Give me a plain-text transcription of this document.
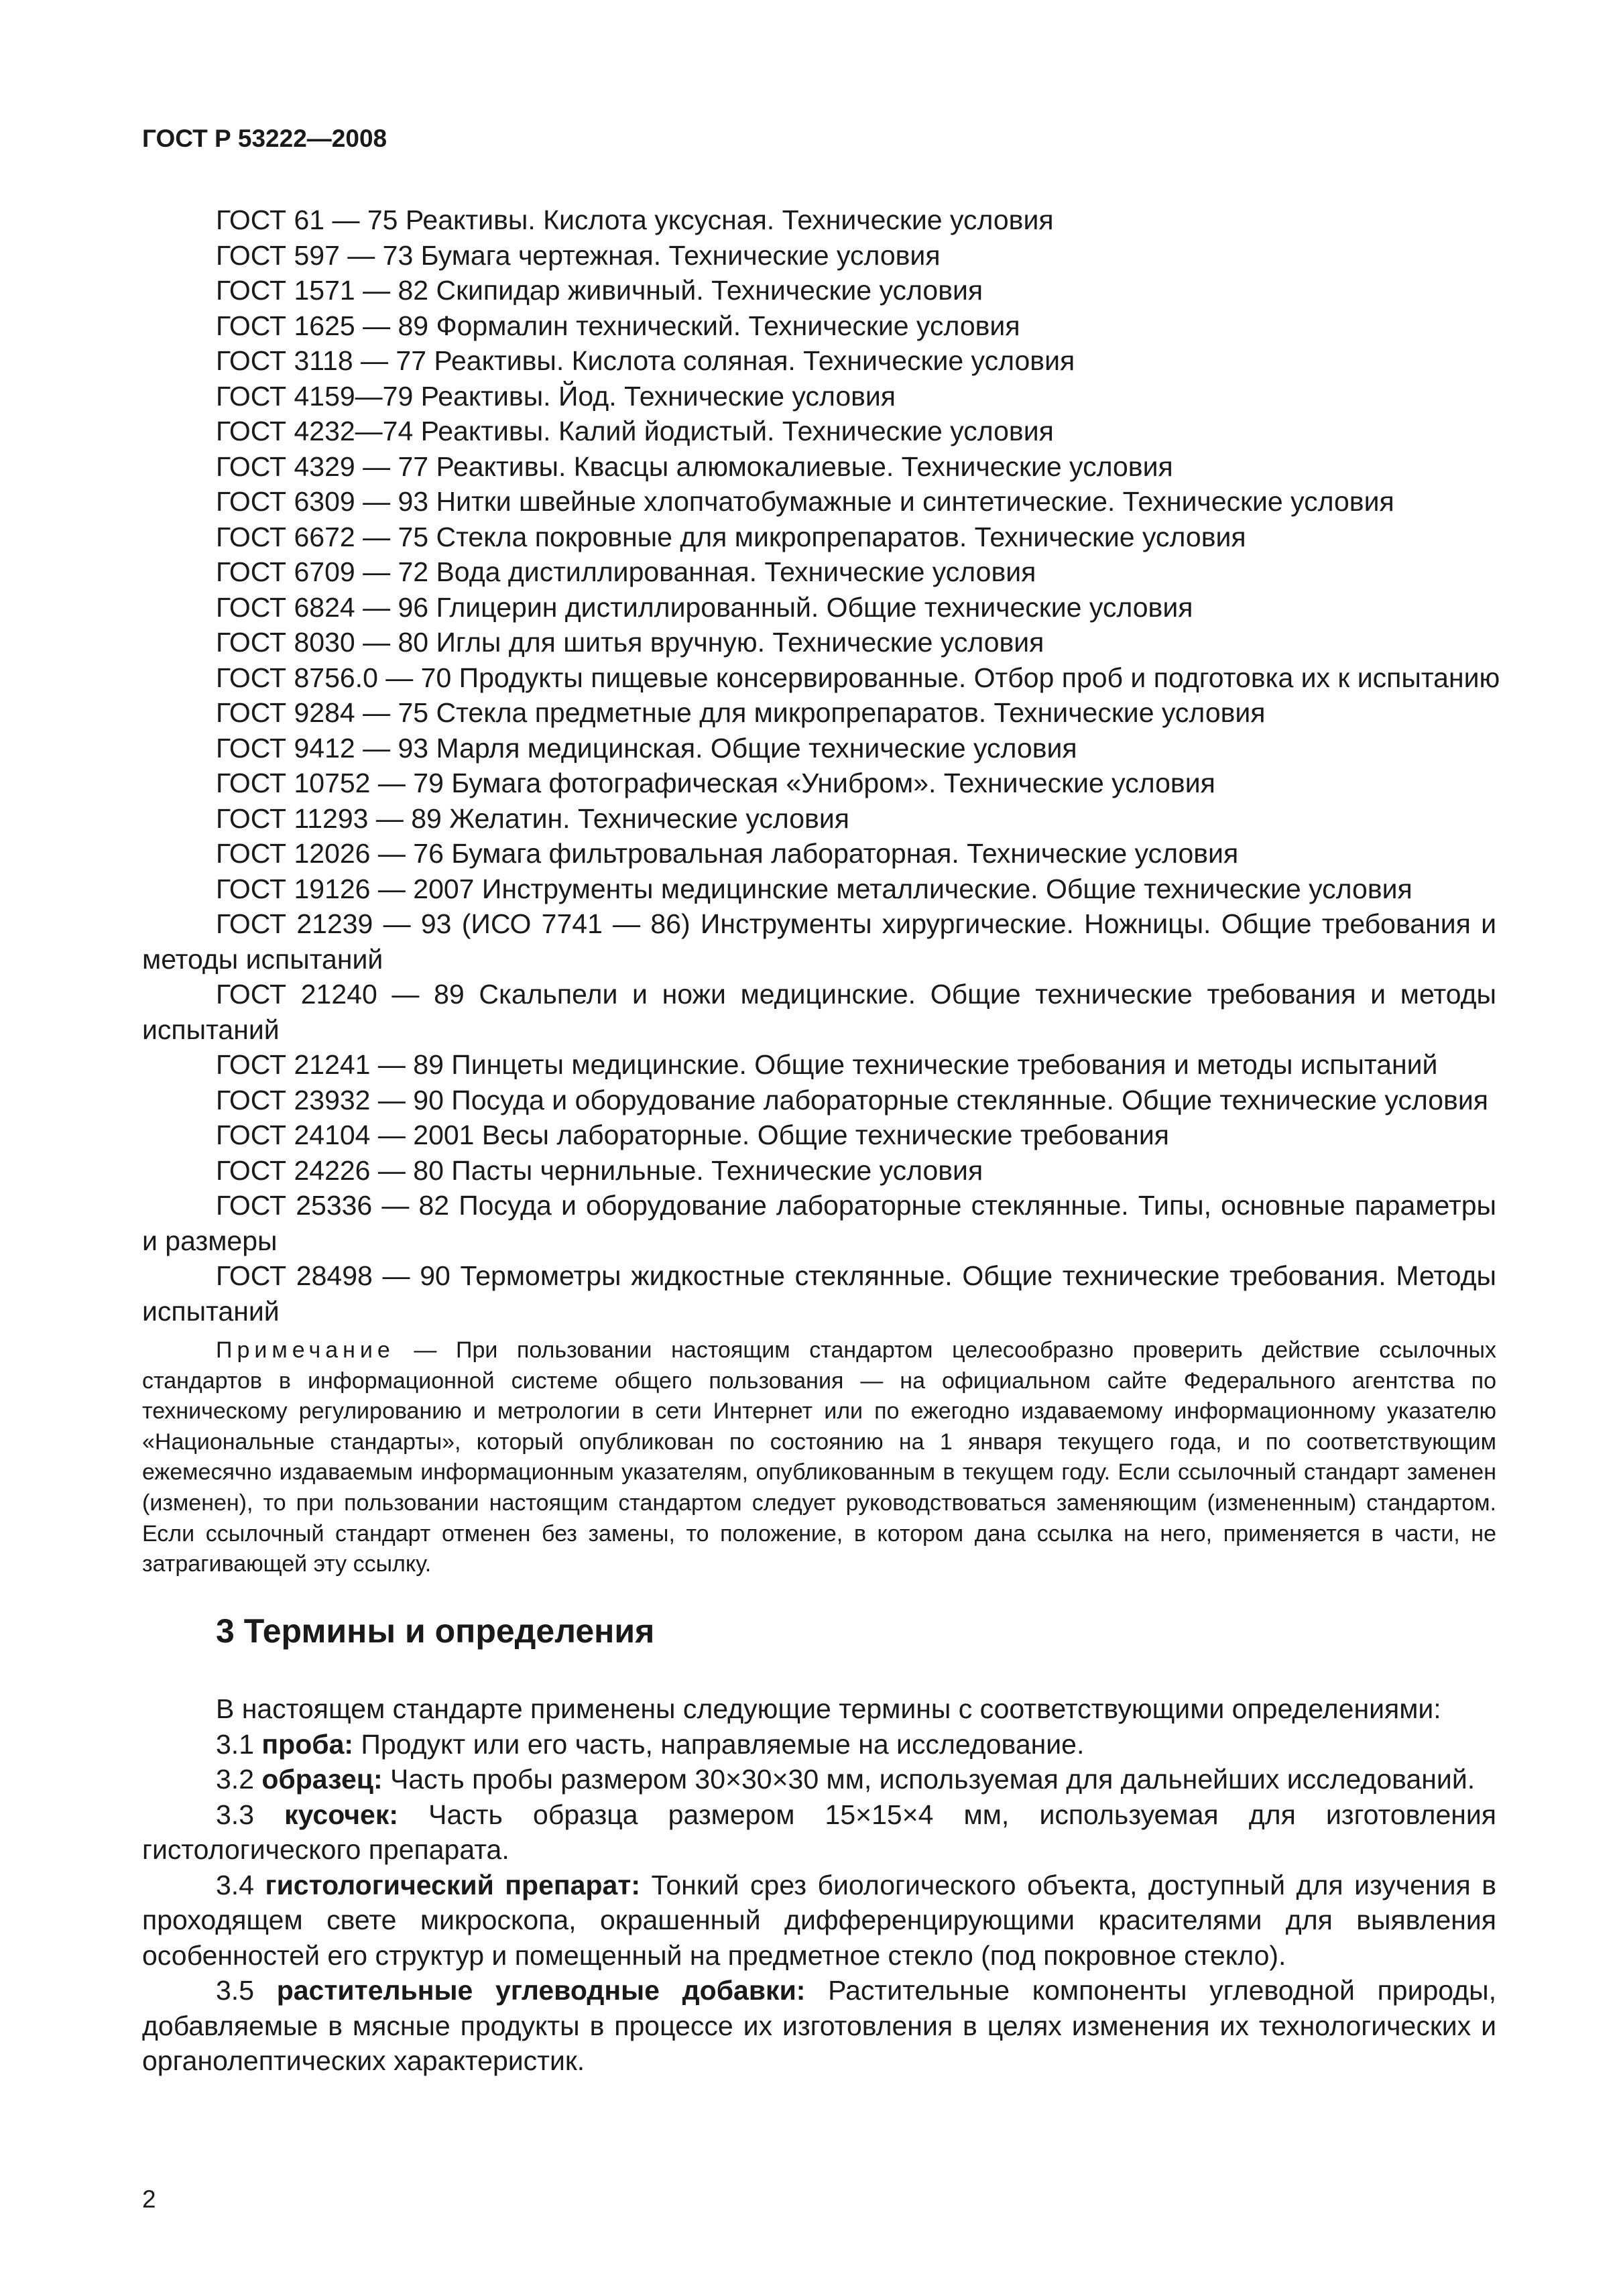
ГОСТ Р 53222—2008
ГОСТ 61 — 75 Реактивы. Кислота уксусная. Технические условия
ГОСТ 597 — 73 Бумага чертежная. Технические условия
ГОСТ 1571 — 82 Скипидар живичный. Технические условия
ГОСТ 1625 — 89 Формалин технический. Технические условия
ГОСТ 3118 — 77 Реактивы. Кислота соляная. Технические условия
ГОСТ 4159—79 Реактивы. Йод. Технические условия
ГОСТ 4232—74 Реактивы. Калий йодистый. Технические условия
ГОСТ 4329 — 77 Реактивы. Квасцы алюмокалиевые. Технические условия
ГОСТ 6309 — 93 Нитки швейные хлопчатобумажные и синтетические. Технические условия
ГОСТ 6672 — 75 Стекла покровные для микропрепаратов. Технические условия
ГОСТ 6709 — 72 Вода дистиллированная. Технические условия
ГОСТ 6824 — 96 Глицерин дистиллированный. Общие технические условия
ГОСТ 8030 — 80 Иглы для шитья вручную. Технические условия
ГОСТ 8756.0 — 70 Продукты пищевые консервированные. Отбор проб и подготовка их к испытанию
ГОСТ 9284 — 75 Стекла предметные для микропрепаратов. Технические условия
ГОСТ 9412 — 93 Марля медицинская. Общие технические условия
ГОСТ 10752 — 79 Бумага фотографическая «Унибром». Технические условия
ГОСТ 11293 — 89 Желатин. Технические условия
ГОСТ 12026 — 76 Бумага фильтровальная лабораторная. Технические условия
ГОСТ 19126 — 2007 Инструменты медицинские металлические. Общие технические условия
ГОСТ 21239 — 93 (ИСО 7741 — 86) Инструменты хирургические. Ножницы. Общие требования и методы испытаний
ГОСТ 21240 — 89 Скальпели и ножи медицинские. Общие технические требования и методы испытаний
ГОСТ 21241 — 89 Пинцеты медицинские. Общие технические требования и методы испытаний
ГОСТ 23932 — 90 Посуда и оборудование лабораторные стеклянные. Общие технические условия
ГОСТ 24104 — 2001 Весы лабораторные. Общие технические требования
ГОСТ 24226 — 80 Пасты чернильные. Технические условия
ГОСТ 25336 — 82 Посуда и оборудование лабораторные стеклянные. Типы, основные параметры и размеры
ГОСТ 28498 — 90 Термометры жидкостные стеклянные. Общие технические требования. Методы испытаний
Примечание — При пользовании настоящим стандартом целесообразно проверить действие ссылочных стандартов в информационной системе общего пользования — на официальном сайте Федерального агентства по техническому регулированию и метрологии в сети Интернет или по ежегодно издаваемому информационному указателю «Национальные стандарты», который опубликован по состоянию на 1 января текущего года, и по соответствующим ежемесячно издаваемым информационным указателям, опубликованным в текущем году. Если ссылочный стандарт заменен (изменен), то при пользовании настоящим стандартом следует руководствоваться заменяющим (измененным) стандартом. Если ссылочный стандарт отменен без замены, то положение, в котором дана ссылка на него, применяется в части, не затрагивающей эту ссылку.
3 Термины и определения
В настоящем стандарте применены следующие термины с соответствующими определениями:
3.1 проба: Продукт или его часть, направляемые на исследование.
3.2 образец: Часть пробы размером 30×30×30 мм, используемая для дальнейших исследований.
3.3 кусочек: Часть образца размером 15×15×4 мм, используемая для изготовления гистологического препарата.
3.4 гистологический препарат: Тонкий срез биологического объекта, доступный для изучения в проходящем свете микроскопа, окрашенный дифференцирующими красителями для выявления особенностей его структур и помещенный на предметное стекло (под покровное стекло).
3.5 растительные углеводные добавки: Растительные компоненты углеводной природы, добавляемые в мясные продукты в процессе их изготовления в целях изменения их технологических и органолептических характеристик.
2
